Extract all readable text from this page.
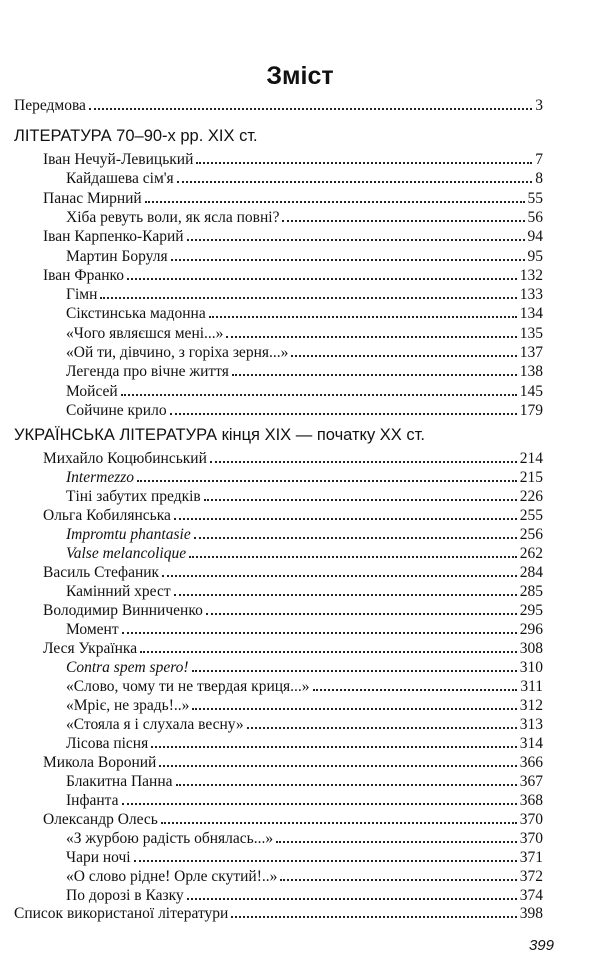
Зміст
Передмова	3
ЛІТЕРАТУРА 70–90-х рр. XIX ст.
Іван Нечуй-Левицький	7
Кайдашева сім'я	8
Панас Мирний	55
Хіба ревуть воли, як ясла повні?	56
Іван Карпенко-Карий	94
Мартин Боруля	95
Іван Франко	132
Гімн	133
Сікстинська мадонна	134
«Чого являєшся мені...»	135
«Ой ти, дівчино, з горіха зерня...»	137
Легенда про вічне життя	138
Мойсей	145
Сойчине крило	179
УКРАЇНСЬКА ЛІТЕРАТУРА кінця XIX — початку XX ст.
Михайло Коцюбинський	214
Intermezzo	215
Тіні забутих предків	226
Ольга Кобилянська	255
Impromtu phantasie	256
Valse melancolique	262
Василь Стефаник	284
Камінний хрест	285
Володимир Винниченко	295
Момент	296
Леся Українка	308
Contra spem spero!	310
«Слово, чому ти не твердая криця...»	311
«Мріє, не зрадь!..»	312
«Стояла я і слухала весну»	313
Лісова пісня	314
Микола Вороний	366
Блакитна Панна	367
Інфанта	368
Олександр Олесь	370
«З журбою радість обнялась...»	370
Чари ночі	371
«О слово рідне! Орле скутий!..»	372
По дорозі в Казку	374
Список використаної літератури	398
399
